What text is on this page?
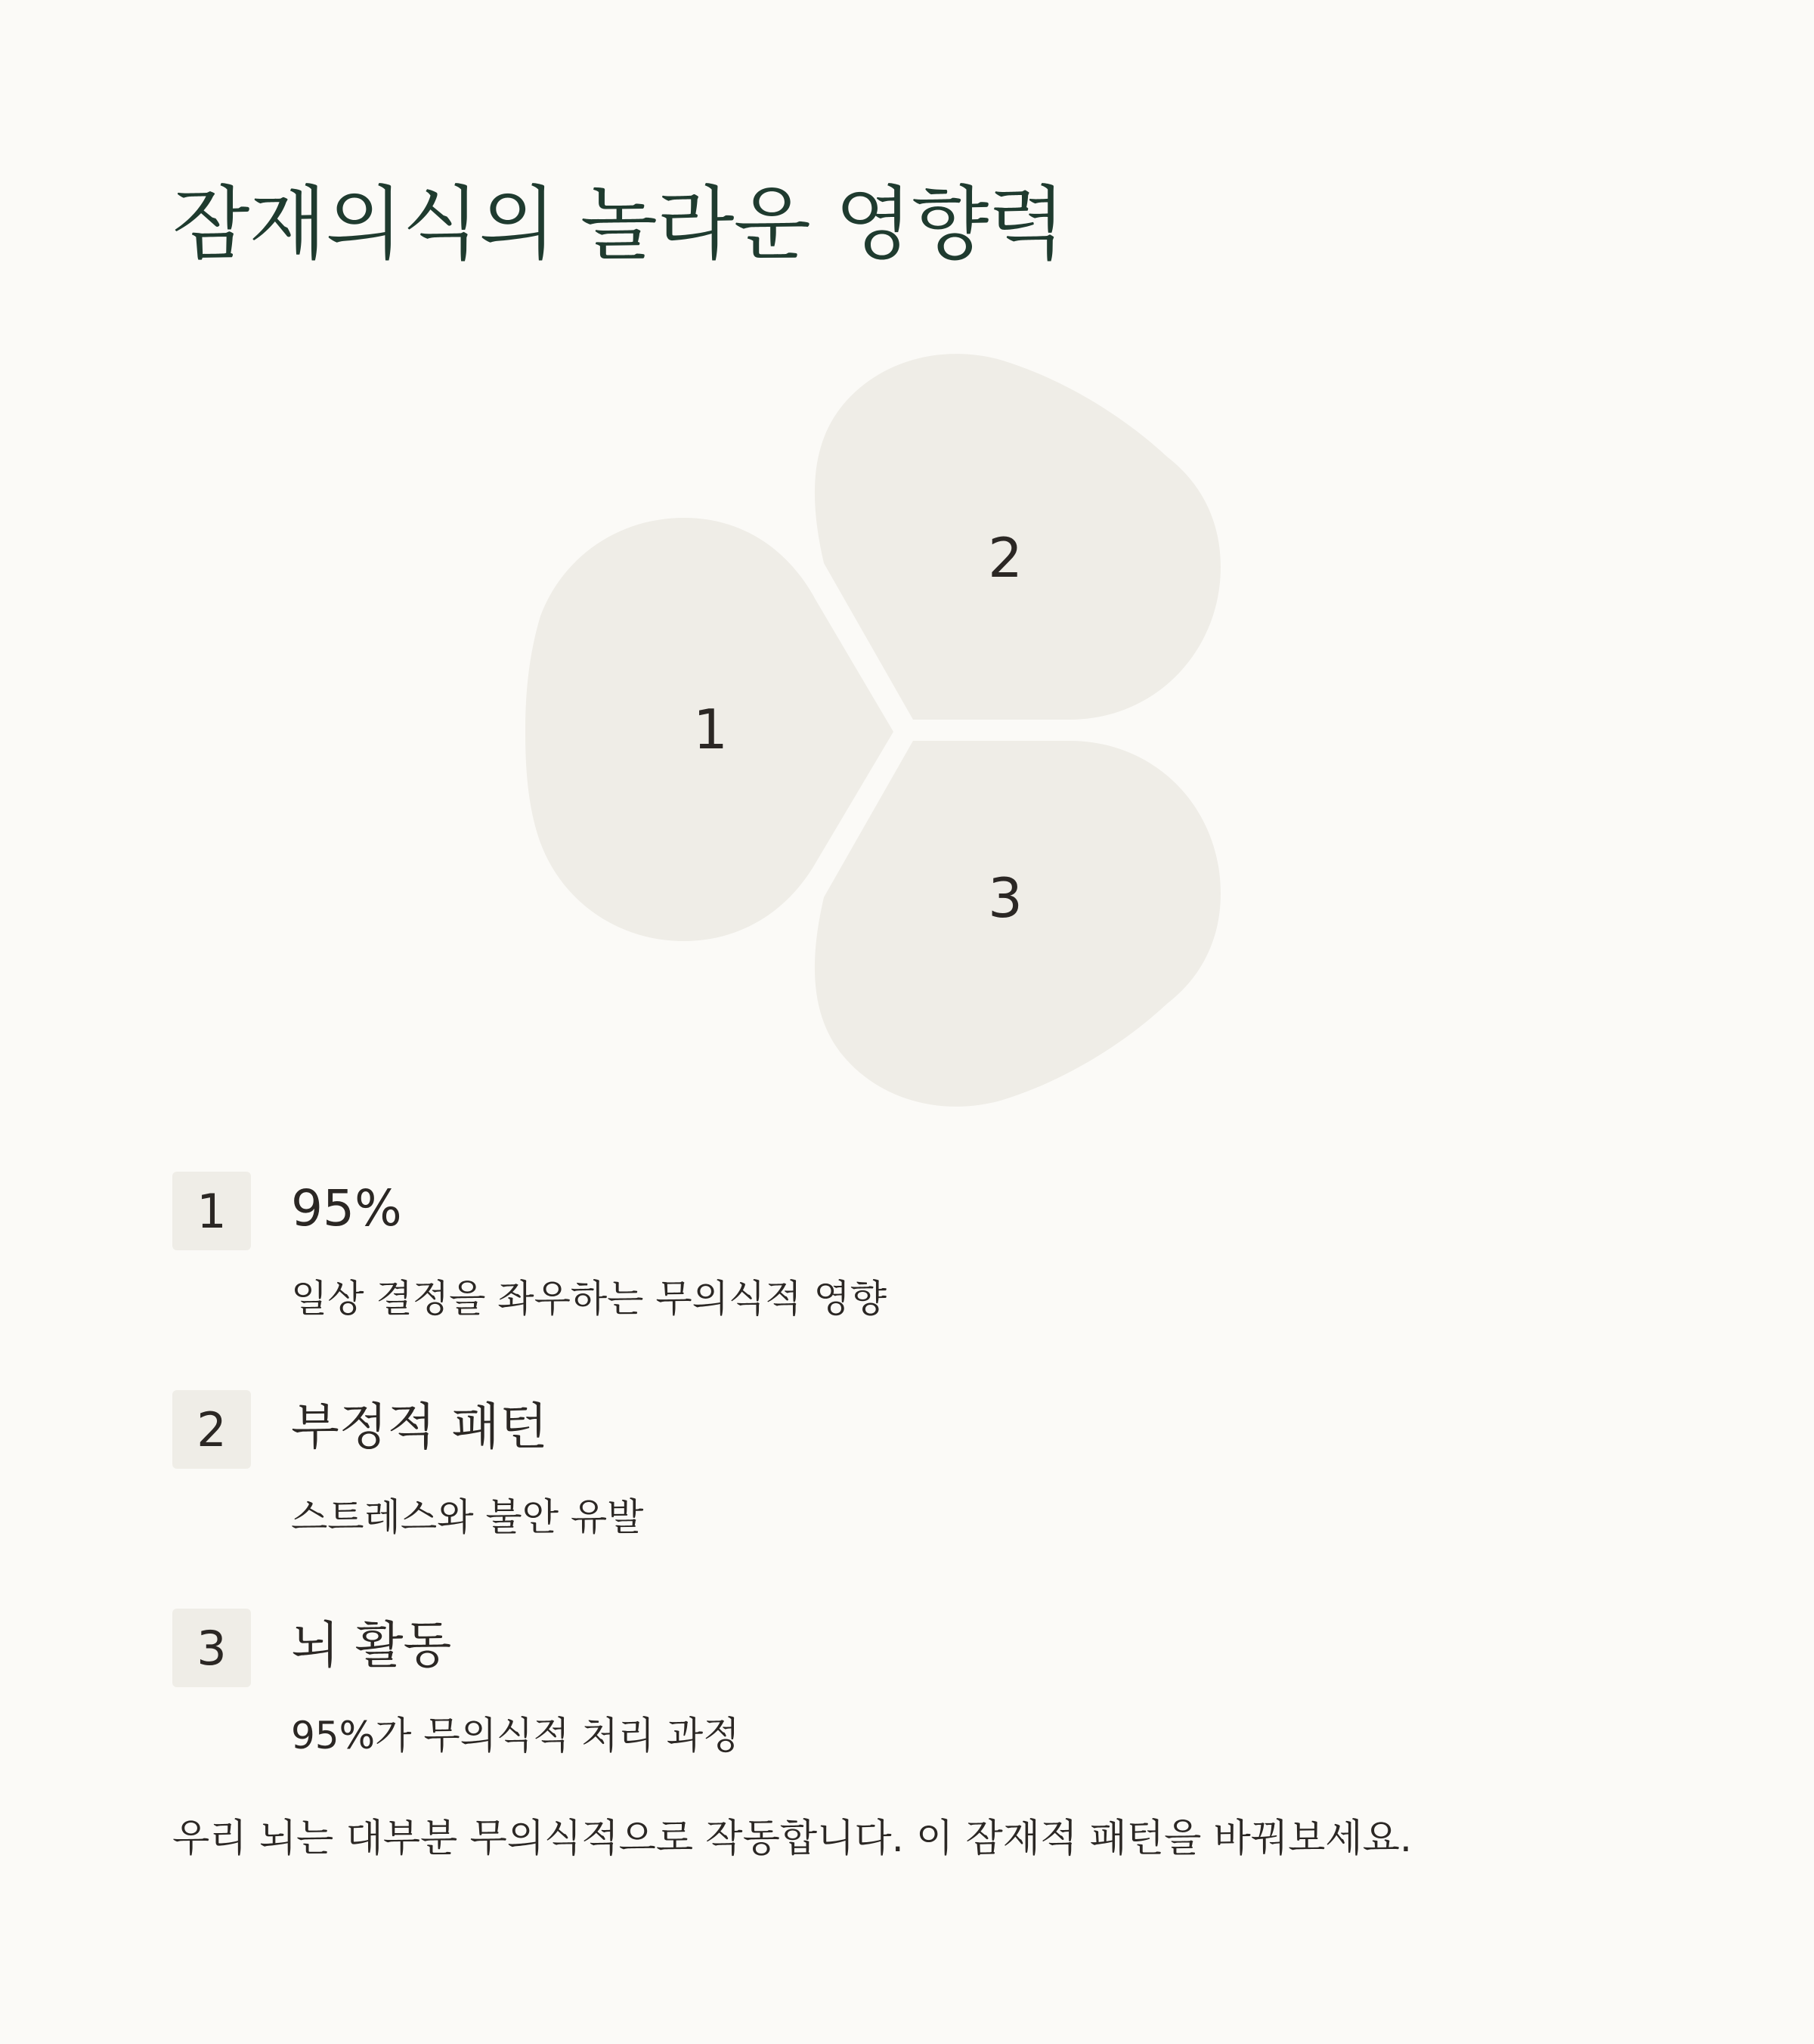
잠재의식의 놀라운 영향력
1
2
3
1	95%
일상 결정을 좌우하는 무의식적 영향
2	부정적 패턴
스트레스와 불안 유발
3	뇌 활동
95%가 무의식적 처리 과정
우리 뇌는 대부분 무의식적으로 작동합니다. 이 잠재적 패턴을 바꿔보세요.
